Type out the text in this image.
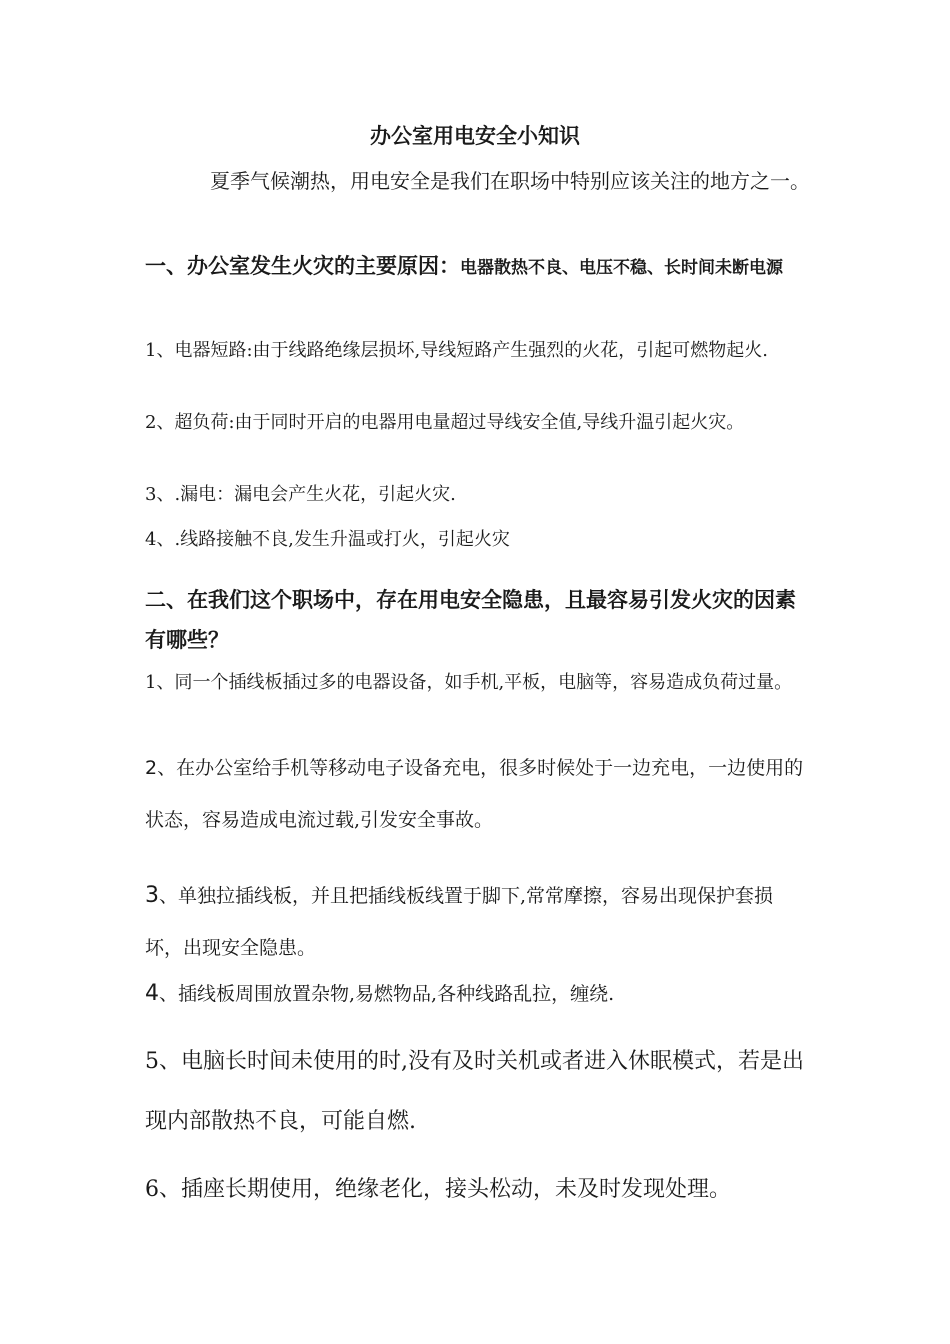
办公室用电安全小知识

夏季气候潮热，用电安全是我们在职场中特别应该关注的地方之一。

一、办公室发生火灾的主要原因：电器散热不良、电压不稳、长时间未断电源

1、电器短路:由于线路绝缘层损坏,导线短路产生强烈的火花，引起可燃物起火.

2、超负荷:由于同时开启的电器用电量超过导线安全值,导线升温引起火灾。

3、.漏电：漏电会产生火花，引起火灾.

4、.线路接触不良,发生升温或打火，引起火灾

二、在我们这个职场中，存在用电安全隐患，且最容易引发火灾的因素有哪些？

1、同一个插线板插过多的电器设备，如手机,平板，电脑等，容易造成负荷过量。

2、在办公室给手机等移动电子设备充电，很多时候处于一边充电，一边使用的状态，容易造成电流过载,引发安全事故。

3、单独拉插线板，并且把插线板线置于脚下,常常摩擦，容易出现保护套损坏，出现安全隐患。

4、插线板周围放置杂物,易燃物品,各种线路乱拉，缠绕.

5、电脑长时间未使用的时,没有及时关机或者进入休眠模式，若是出现内部散热不良，可能自燃.

6、插座长期使用，绝缘老化，接头松动，未及时发现处理。
